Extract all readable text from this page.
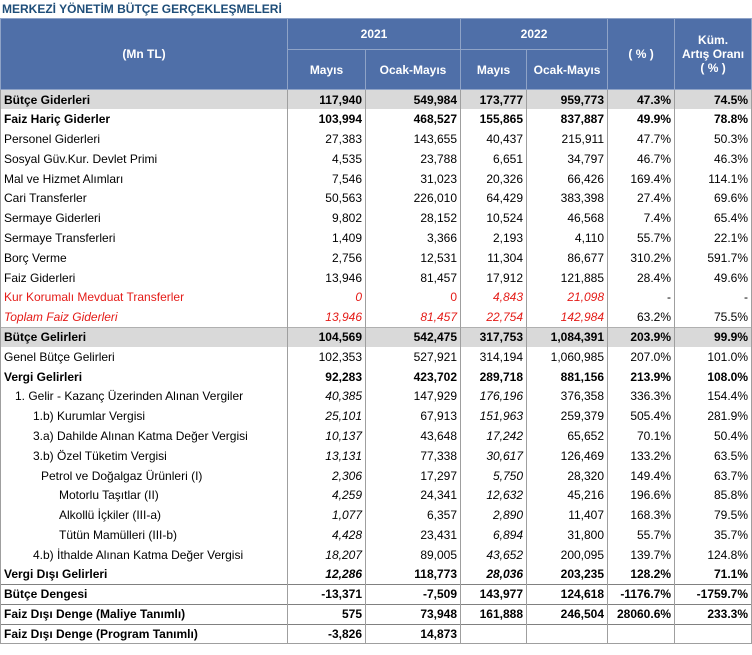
MERKEZİ YÖNETİM BÜTÇE GERÇEKLEŞMELERİ
(Mn TL)	2021		2022		( % )	Küm.
Artış Oranı
( % )

	Mayıs	Ocak-Mayıs	Mayıs	Ocak-Mayıs		
Bütçe Giderleri	117,940	549,984	173,777	959,773	47.3%	74.5%
Faiz Hariç Giderler	103,994	468,527	155,865	837,887	49.9%	78.8%
Personel Giderleri	27,383	143,655	40,437	215,911	47.7%	50.3%
Sosyal Güv.Kur. Devlet Primi	4,535	23,788	6,651	34,797	46.7%	46.3%
Mal ve Hizmet Alımları	7,546	31,023	20,326	66,426	169.4%	114.1%
Cari Transferler	50,563	226,010	64,429	383,398	27.4%	69.6%
Sermaye Giderleri	9,802	28,152	10,524	46,568	7.4%	65.4%
Sermaye Transferleri	1,409	3,366	2,193	4,110	55.7%	22.1%
Borç Verme	2,756	12,531	11,304	86,677	310.2%	591.7%
Faiz Giderleri	13,946	81,457	17,912	121,885	28.4%	49.6%
Kur Korumalı Mevduat Transferler	0	0	4,843	21,098	-	-
Toplam Faiz Giderleri	13,946	81,457	22,754	142,984	63.2%	75.5%
Bütçe Gelirleri	104,569	542,475	317,753	1,084,391	203.9%	99.9%
Genel Bütçe Gelirleri	102,353	527,921	314,194	1,060,985	207.0%	101.0%
Vergi Gelirleri	92,283	423,702	289,718	881,156	213.9%	108.0%
1. Gelir - Kazanç Üzerinden Alınan Vergiler	40,385	147,929	176,196	376,358	336.3%	154.4%
1.b) Kurumlar Vergisi	25,101	67,913	151,963	259,379	505.4%	281.9%
3.a) Dahilde Alınan Katma Değer Vergisi	10,137	43,648	17,242	65,652	70.1%	50.4%
3.b) Özel Tüketim Vergisi	13,131	77,338	30,617	126,469	133.2%	63.5%
Petrol ve Doğalgaz Ürünleri (I)	2,306	17,297	5,750	28,320	149.4%	63.7%
Motorlu Taşıtlar (II)	4,259	24,341	12,632	45,216	196.6%	85.8%
Alkollü İçkiler (III-a)	1,077	6,357	2,890	11,407	168.3%	79.5%
Tütün Mamülleri (III-b)	4,428	23,431	6,894	31,800	55.7%	35.7%
4.b) İthalde Alınan Katma Değer Vergisi	18,207	89,005	43,652	200,095	139.7%	124.8%
Vergi Dışı Gelirleri	12,286	118,773	28,036	203,235	128.2%	71.1%
Bütçe Dengesi	-13,371	-7,509	143,977	124,618	-1176.7%	-1759.7%
Faiz Dışı Denge (Maliye Tanımlı)	575	73,948	161,888	246,504	28060.6%	233.3%
Faiz Dışı Denge (Program Tanımlı)	-3,826	14,873				
